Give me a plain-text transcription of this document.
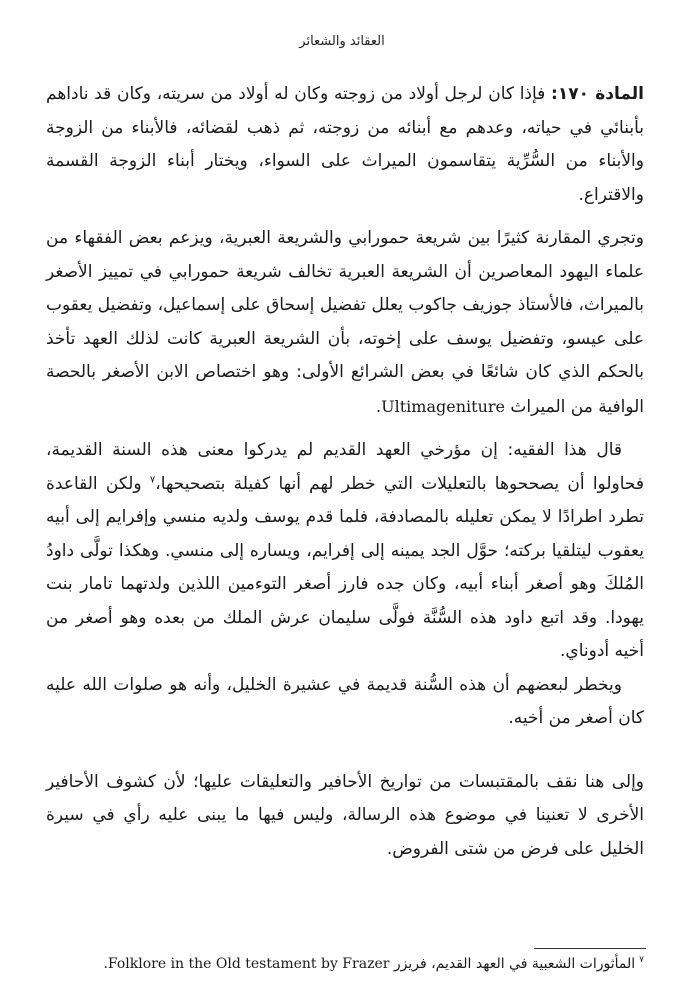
العقائد والشعائر

المادة ١٧٠: فإذا كان لرجل أولاد من زوجته وكان له أولاد من سريته، وكان قد ناداهم بأبنائي في حياته، وعدهم مع أبنائه من زوجته، ثم ذهب لقضائه، فالأبناء من الزوجة والأبناء من السُّرِّية يتقاسمون الميراث على السواء، ويختار أبناء الزوجة القسمة والاقتراع.

وتجري المقارنة كثيرًا بين شريعة حمورابي والشريعة العبرية، ويزعم بعض الفقهاء من علماء اليهود المعاصرين أن الشريعة العبرية تخالف شريعة حمورابي في تمييز الأصغر بالميراث، فالأستاذ جوزيف جاكوب يعلل تفضيل إسحاق على إسماعيل، وتفضيل يعقوب على عيسو، وتفضيل يوسف على إخوته، بأن الشريعة العبرية كانت لذلك العهد تأخذ بالحكم الذي كان شائعًا في بعض الشرائع الأولى: وهو اختصاص الابن الأصغر بالحصة الوافية من الميراث Ultimageniture.

قال هذا الفقيه: إن مؤرخي العهد القديم لم يدركوا معنى هذه السنة القديمة، فحاولوا أن يصححوها بالتعليلات التي خطر لهم أنها كفيلة بتصحيحها،$^٧$ ولكن القاعدة تطرد اطرادًا لا يمكن تعليله بالمصادفة، فلما قدم يوسف ولديه منسي وإفرايم إلى أبيه يعقوب ليتلقيا بركته؛ حوَّل الجد يمينه إلى إفرايم، ويساره إلى منسي. وهكذا تولَّى داودُ المُلكَ وهو أصغر أبناء أبيه، وكان جده فارز أصغر التوءمين اللذين ولدتهما تامار بنت يهودا. وقد اتبع داود هذه السُّنَّة فولَّى سليمان عرش الملك من بعده وهو أصغر من أخيه أدوناي.

ويخطر لبعضهم أن هذه السُّنة قديمة في عشيرة الخليل، وأنه هو صلوات الله عليه كان أصغر من أخيه.

وإلى هنا نقف بالمقتبسات من تواريخ الأحافير والتعليقات عليها؛ لأن كشوف الأحافير الأخرى لا تعنينا في موضوع هذه الرسالة، وليس فيها ما يبنى عليه رأي في سيرة الخليل على فرض من شتى الفروض.

$^٧$المأثورات الشعبية في العهد القديم، فريزر Folklore in the Old testament by Frazer.
